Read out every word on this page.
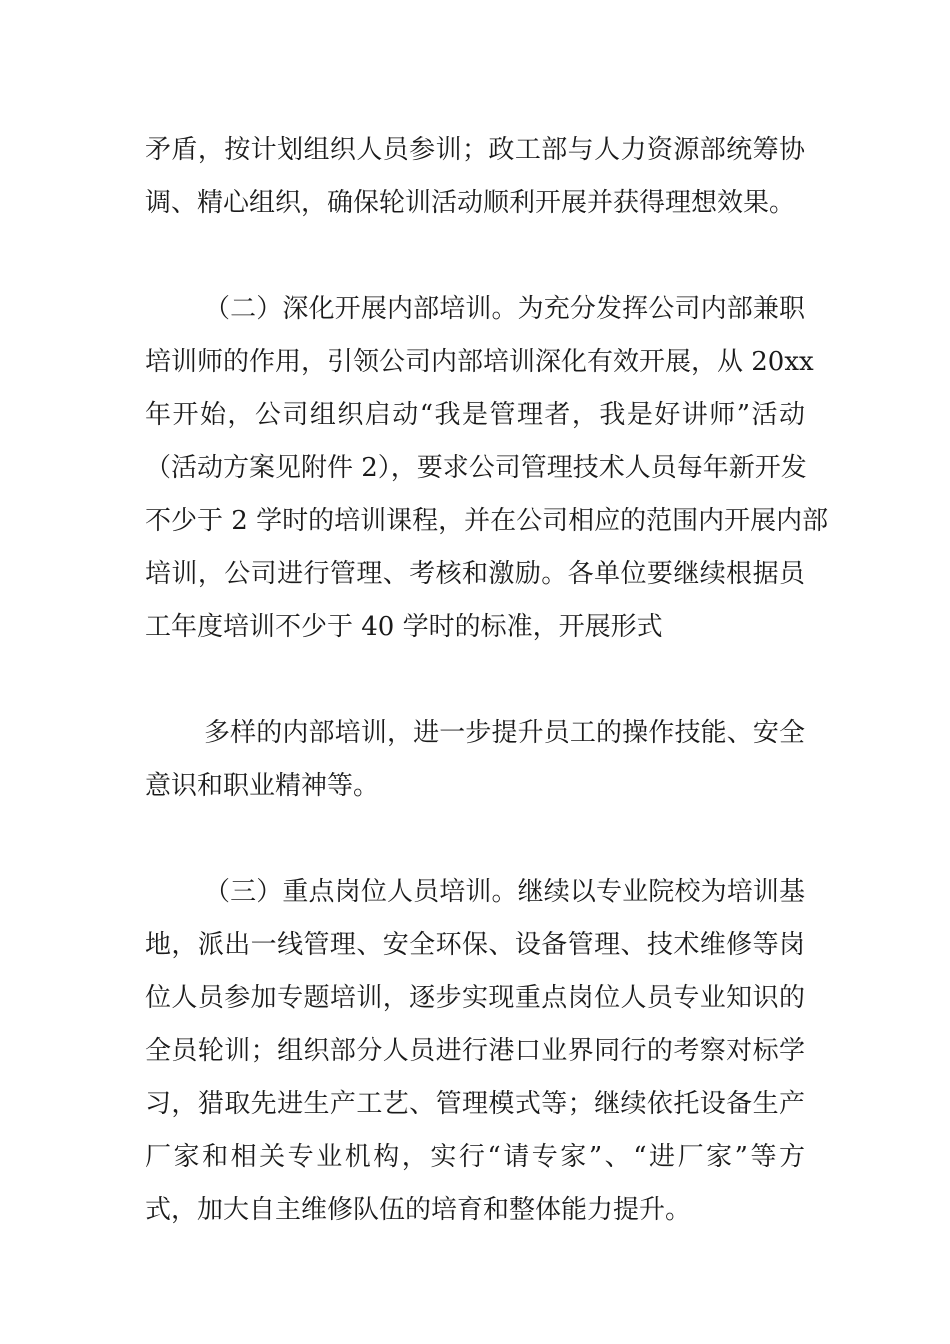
矛盾，按计划组织人员参训；政工部与人力资源部统筹协
调、精心组织，确保轮训活动顺利开展并获得理想效果。
（二）深化开展内部培训。为充分发挥公司内部兼职
培训师的作用，引领公司内部培训深化有效开展，从 20xx
年开始，公司组织启动“我是管理者，我是好讲师”活动
（活动方案见附件 2），要求公司管理技术人员每年新开发
不少于 2 学时的培训课程，并在公司相应的范围内开展内部
培训，公司进行管理、考核和激励。各单位要继续根据员
工年度培训不少于 40 学时的标准，开展形式
多样的内部培训，进一步提升员工的操作技能、安全
意识和职业精神等。
（三）重点岗位人员培训。继续以专业院校为培训基
地，派出一线管理、安全环保、设备管理、技术维修等岗
位人员参加专题培训，逐步实现重点岗位人员专业知识的
全员轮训；组织部分人员进行港口业界同行的考察对标学
习，猎取先进生产工艺、管理模式等；继续依托设备生产
厂家和相关专业机构，实行“请专家”、“进厂家”等方
式，加大自主维修队伍的培育和整体能力提升。
